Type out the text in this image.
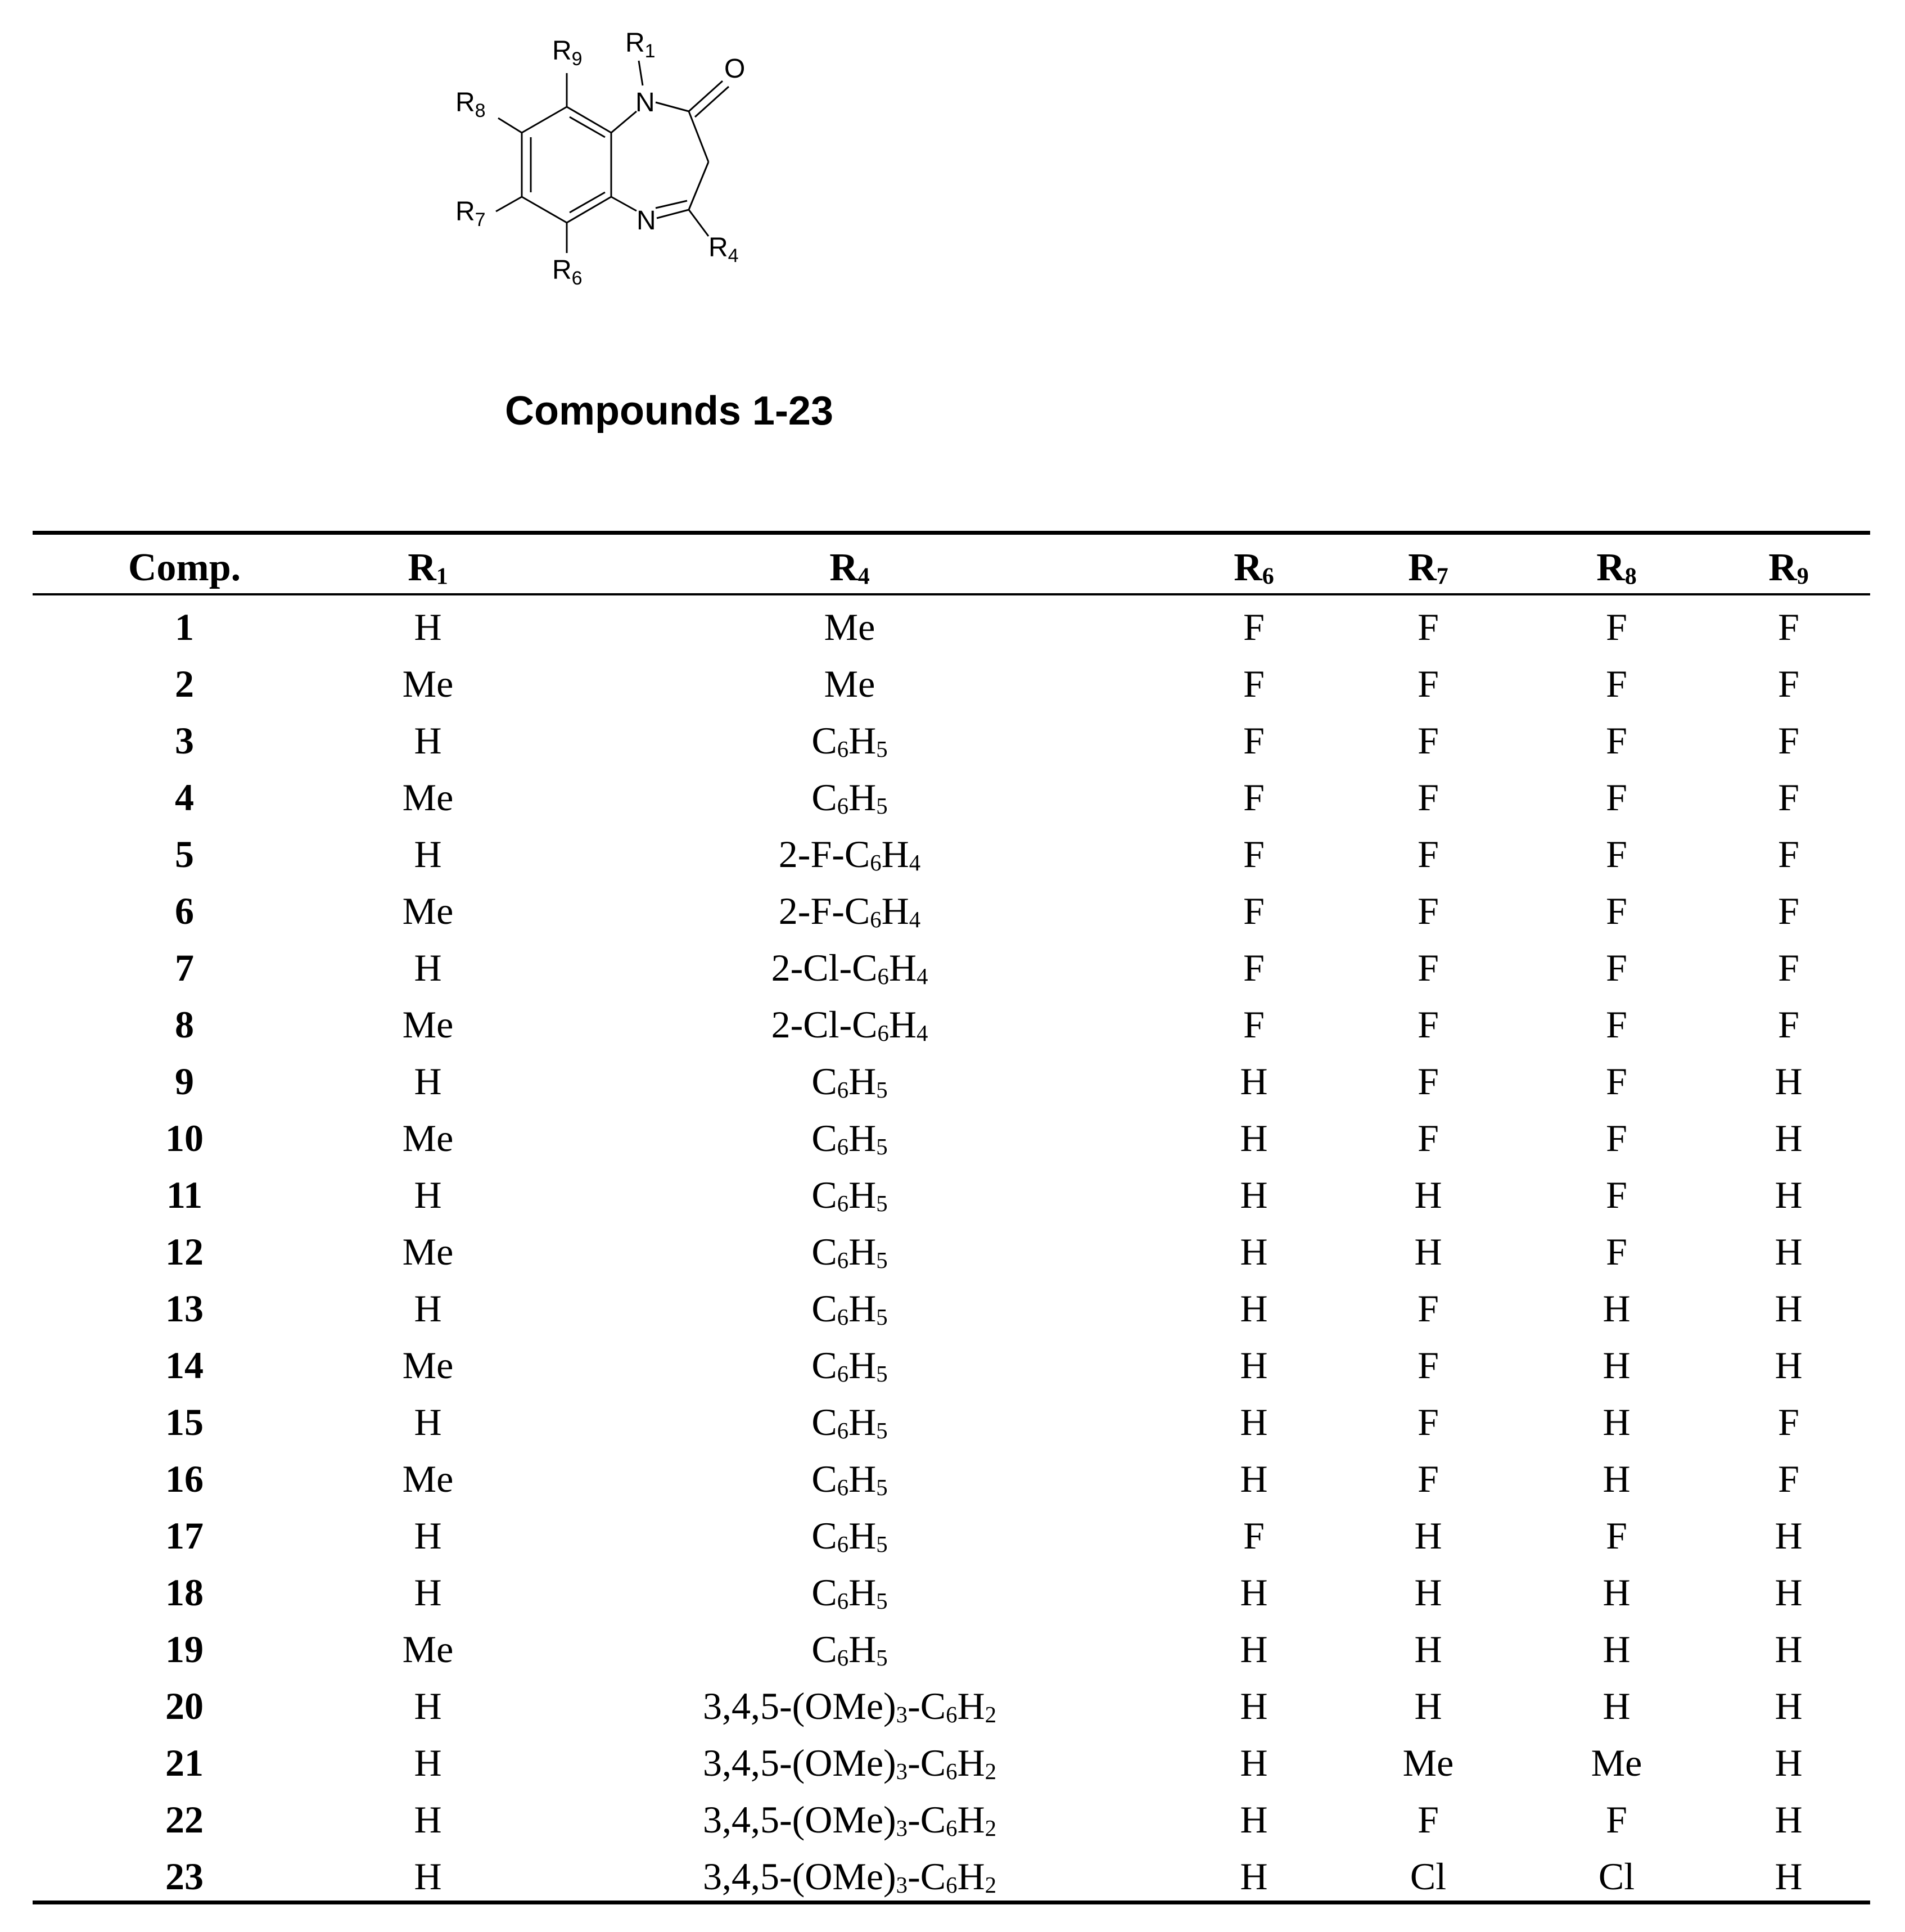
N
N
O
$R_1$
$R_9$
$R_8$
$R_7$
$R_6$
$R_4$
Compounds 1-23
Comp.	$R_1$	$R_4$	$R_6$	$R_7$	$R_8$	$R_9$
1	H	Me	F	F	F	F
2	Me	Me	F	F	F	F
3	H	$C_6H_5$	F	F	F	F
4	Me	$C_6H_5$	F	F	F	F
5	H	$2-F-C_6H_4$	F	F	F	F
6	Me	$2-F-C_6H_4$	F	F	F	F
7	H	$2-Cl-C_6H_4$	F	F	F	F
8	Me	$2-Cl-C_6H_4$	F	F	F	F
9	H	$C_6H_5$	H	F	F	H
10	Me	$C_6H_5$	H	F	F	H
11	H	$C_6H_5$	H	H	F	H
12	Me	$C_6H_5$	H	H	F	H
13	H	$C_6H_5$	H	F	H	H
14	Me	$C_6H_5$	H	F	H	H
15	H	$C_6H_5$	H	F	H	F
16	Me	$C_6H_5$	H	F	H	F
17	H	$C_6H_5$	F	H	F	H
18	H	$C_6H_5$	H	H	H	H
19	Me	$C_6H_5$	H	H	H	H
20	H	$3,4,5-(OMe)_3-C_6H_2$	H	H	H	H
21	H	$3,4,5-(OMe)_3-C_6H_2$	H	Me	Me	H
22	H	$3,4,5-(OMe)_3-C_6H_2$	H	F	F	H
23	H	$3,4,5-(OMe)_3-C_6H_2$	H	Cl	Cl	H
